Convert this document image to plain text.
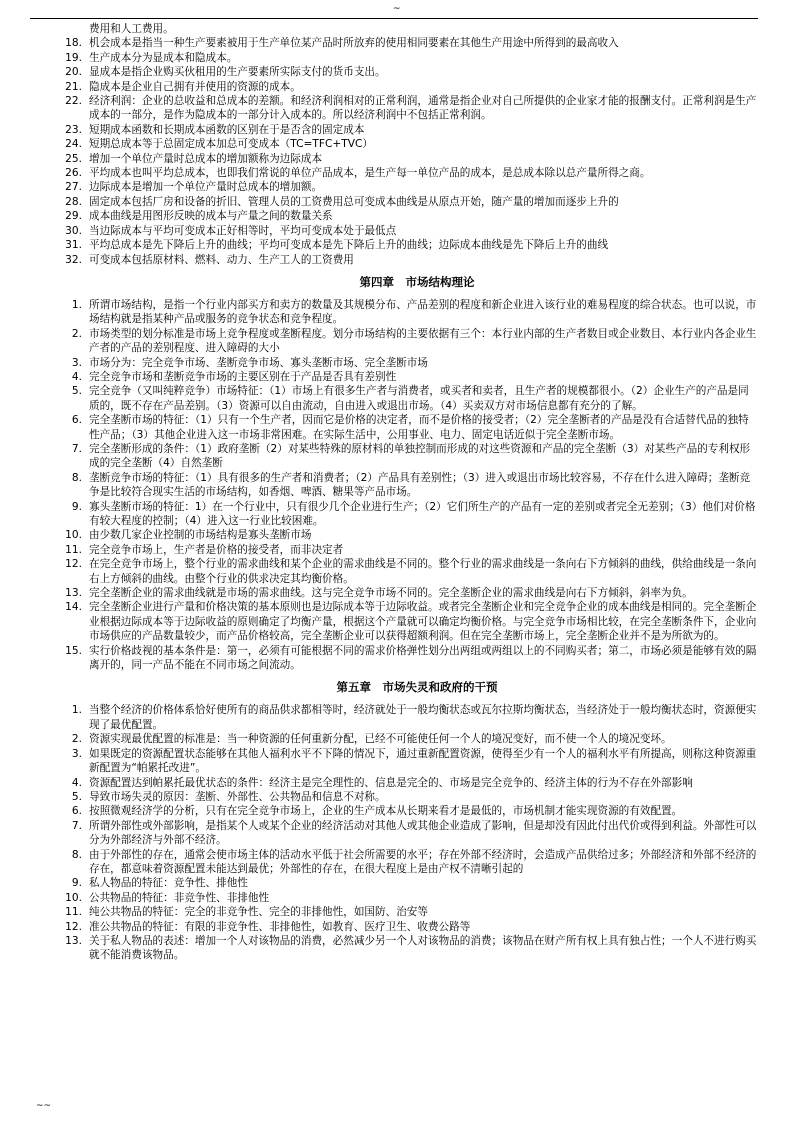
~
费用和人工费用。
18. 机会成本是指当一种生产要素被用于生产单位某产品时所放弃的使用相同要素在其他生产用途中所得到的最高收入
19. 生产成本分为显成本和隐成本。
20. 显成本是指企业购买伙租用的生产要素所实际支付的货币支出。
21. 隐成本是企业自己拥有并使用的资源的成本。
22. 经济利润：企业的总收益和总成本的差额。和经济利润相对的正常利润，通常是指企业对自己所提供的企业家才能的报酬支付。正常利润是生产成本的一部分，是作为隐成本的一部分计入成本的。所以经济利润中不包括正常利润。
23. 短期成本函数和长期成本函数的区别在于是否含的固定成本
24. 短期总成本等于总固定成本加总可变成本（TC=TFC+TVC）
25. 增加一个单位产量时总成本的增加额称为边际成本
26. 平均成本也叫平均总成本，也即我们常说的单位产品成本，是生产每一单位产品的成本，是总成本除以总产量所得之商。
27. 边际成本是增加一个单位产量时总成本的增加额。
28. 固定成本包括厂房和设备的折旧、管理人员的工资费用总可变成本曲线是从原点开始，随产量的增加而逐步上升的
29. 成本曲线是用图形反映的成本与产量之间的数量关系
30. 当边际成本与平均可变成本正好相等时，平均可变成本处于最低点
31. 平均总成本是先下降后上升的曲线；平均可变成本是先下降后上升的曲线；边际成本曲线是先下降后上升的曲线
32. 可变成本包括原材料、燃料、动力、生产工人的工资费用
第四章　市场结构理论
1. 所谓市场结构，是指一个行业内部买方和卖方的数量及其规模分布、产品差别的程度和新企业进入该行业的难易程度的综合状态。也可以说，市场结构就是指某种产品或服务的竞争状态和竞争程度。
2. 市场类型的划分标准是市场上竞争程度或垄断程度。划分市场结构的主要依据有三个：本行业内部的生产者数目或企业数目、本行业内各企业生产者的产品的差别程度、进入障碍的大小
3. 市场分为：完全竞争市场、垄断竞争市场、寡头垄断市场、完全垄断市场
4. 完全竞争市场和垄断竞争市场的主要区别在于产品是否具有差别性
5. 完全竞争（又叫纯粹竞争）市场特征：（1）市场上有很多生产者与消费者，或买者和卖者，且生产者的规模都很小。（2）企业生产的产品是同质的，既不存在产品差别。（3）资源可以自由流动，自由进入或退出市场。（4）买卖双方对市场信息都有充分的了解。
6. 完全垄断市场的特征：（1）只有一个生产者，因而它是价格的决定者，而不是价格的接受者；（2）完全垄断者的产品是没有合适替代品的独特性产品；（3）其他企业进入这一市场非常困难。在实际生活中，公用事业、电力、固定电话近似于完全垄断市场。
7. 完全垄断形成的条件：（1）政府垄断（2）对某些特殊的原材料的单独控制而形成的对这些资源和产品的完全垄断（3）对某些产品的专利权形成的完全垄断（4）自然垄断
8. 垄断竞争市场的特征：（1）具有很多的生产者和消费者；（2）产品具有差别性；（3）进入或退出市场比较容易，不存在什么进入障碍；垄断竞争是比较符合现实生活的市场结构，如香烟、啤酒、糖果等产品市场。
9. 寡头垄断市场的特征：1）在一个行业中，只有很少几个企业进行生产；（2）它们所生产的产品有一定的差别或者完全无差别；（3）他们对价格有较大程度的控制；（4）进入这一行业比较困难。
10. 由少数几家企业控制的市场结构是寡头垄断市场
11. 完全竞争市场上，生产者是价格的接受者，而非决定者
12. 在完全竞争市场上，整个行业的需求曲线和某个企业的需求曲线是不同的。整个行业的需求曲线是一条向右下方倾斜的曲线，供给曲线是一条向右上方倾斜的曲线。由整个行业的供求决定其均衡价格。
13. 完全垄断企业的需求曲线就是市场的需求曲线。这与完全竞争市场不同的。完全垄断企业的需求曲线是向右下方倾斜，斜率为负。
14. 完全垄断企业进行产量和价格决策的基本原则也是边际成本等于边际收益。或者完全垄断企业和完全竞争企业的成本曲线是相同的。完全垄断企业根据边际成本等于边际收益的原则确定了均衡产量，根据这个产量就可以确定均衡价格。与完全竞争市场相比较，在完全垄断条件下，企业向市场供应的产品数量较少，而产品价格较高，完全垄断企业可以获得超额利润。但在完全垄断市场上，完全垄断企业并不是为所欲为的。
15. 实行价格歧视的基本条件是：第一，必须有可能根据不同的需求价格弹性划分出两组或两组以上的不同购买者；第二，市场必须是能够有效的隔离开的，同一产品不能在不同市场之间流动。
第五章　市场失灵和政府的干预
1. 当整个经济的价格体系恰好使所有的商品供求都相等时，经济就处于一般均衡状态或瓦尔拉斯均衡状态，当经济处于一般均衡状态时，资源便实现了最优配置。
2. 资源实现最优配置的标准是：当一种资源的任何重新分配，已经不可能使任何一个人的境况变好，而不使一个人的境况变坏。
3. 如果既定的资源配置状态能够在其他人福利水平不下降的情况下，通过重新配置资源，使得至少有一个人的福利水平有所提高，则称这种资源重新配置为“帕累托改进”。
4. 资源配置达到帕累托最优状态的条件：经济主是完全理性的、信息是完全的、市场是完全竞争的、经济主体的行为不存在外部影响
5. 导致市场失灵的原因：垄断、外部性、公共物品和信息不对称。
6. 按照微观经济学的分析，只有在完全竞争市场上，企业的生产成本从长期来看才是最低的，市场机制才能实现资源的有效配置。
7. 所谓外部性或外部影响，是指某个人或某个企业的经济活动对其他人或其他企业造成了影响，但是却没有因此付出代价或得到利益。外部性可以分为外部经济与外部不经济。
8. 由于外部性的存在，通常会使市场主体的活动水平低于社会所需要的水平；存在外部不经济时，会造成产品供给过多；外部经济和外部不经济的存在，都意味着资源配置未能达到最优；外部性的存在，在很大程度上是由产权不清晰引起的
9. 私人物品的特征：竞争性、排他性
10. 公共物品的特征：非竞争性、非排他性
11. 纯公共物品的特征：完全的非竞争性、完全的非排他性，如国防、治安等
12. 准公共物品的特征：有限的非竞争性、非排他性，如教育、医疗卫生、收费公路等
13. 关于私人物品的表述：增加一个人对该物品的消费，必然减少另一个人对该物品的消费；该物品在财产所有权上具有独占性；一个人不进行购买就不能消费该物品。
~~
